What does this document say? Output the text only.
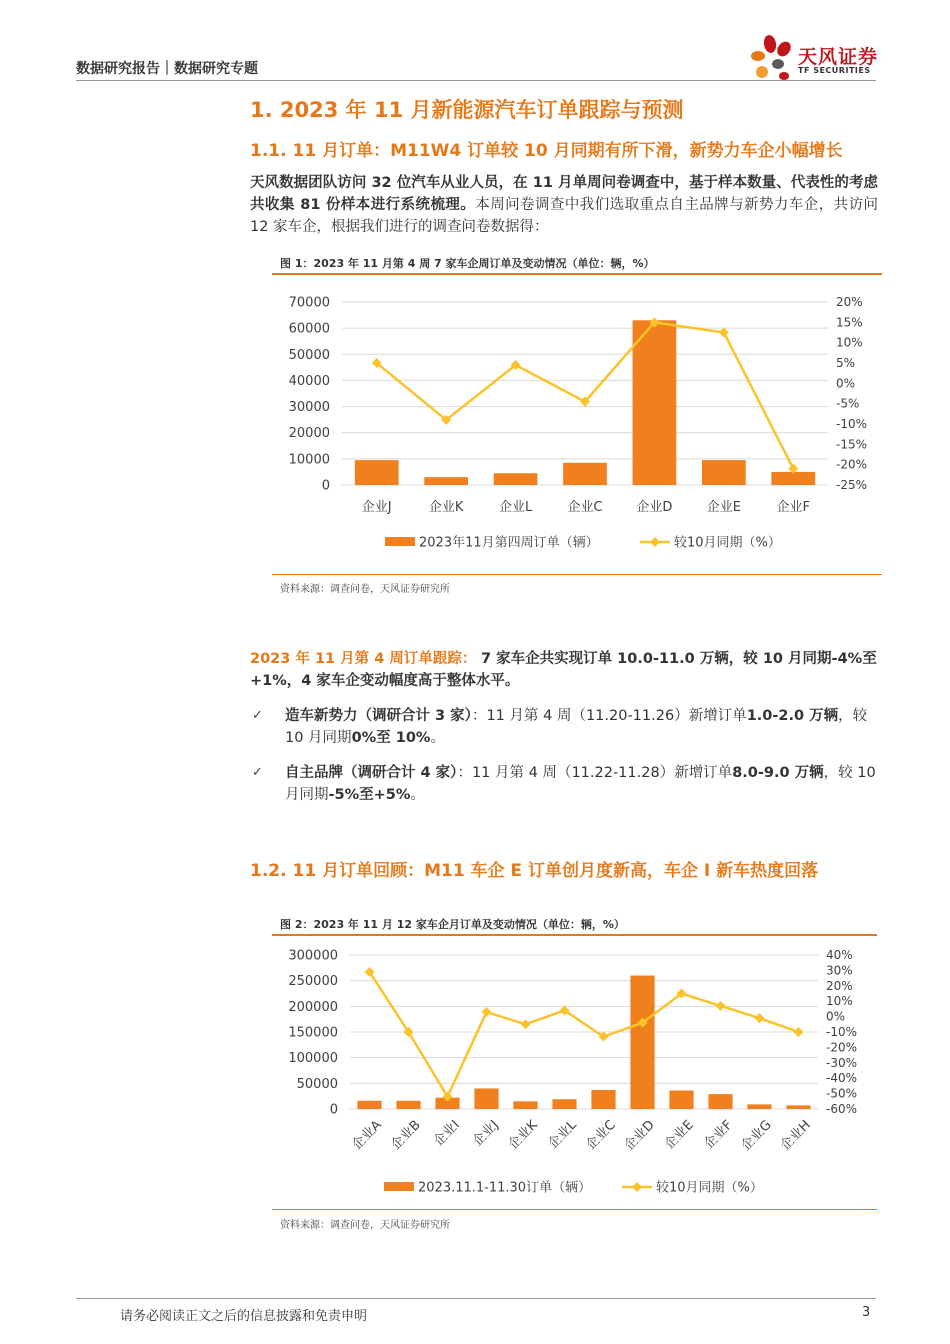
数据研究报告｜数据研究专题
天风证券
TF SECURITIES
1. 2023 年 11 月新能源汽车订单跟踪与预测
1.1. 11 月订单：M11W4 订单较 10 月同期有所下滑，新势力车企小幅增长
天风数据团队访问 32 位汽车从业人员，在 11 月单周问卷调查中，基于样本数量、代表性的考虑共收集 81 份样本进行系统梳理。本周问卷调查中我们选取重点自主品牌与新势力车企，共访问 12 家车企，根据我们进行的调查问卷数据得：
图 1：2023 年 11 月第 4 周 7 家车企周订单及变动情况（单位：辆，%）
0
10000
20000
30000
40000
50000
60000
70000
-25%
-20%
-15%
-10%
-5%
0%
5%
10%
15%
20%
企业J	企业K	企业L	企业C	企业D	企业E	企业F
2023年11月第四周订单（辆）	较10月同期（%）
资料来源：调查问卷，天风证券研究所
2023 年 11 月第 4 周订单跟踪： 7 家车企共实现订单 10.0-11.0 万辆，较 10 月同期-4%至+1%，4 家车企变动幅度高于整体水平。
✓ 造车新势力（调研合计 3 家）：11 月第 4 周（11.20-11.26）新增订单1.0-2.0 万辆，较 10 月同期0%至 10%。
✓ 自主品牌（调研合计 4 家）：11 月第 4 周（11.22-11.28）新增订单8.0-9.0 万辆，较 10 月同期-5%至+5%。
1.2. 11 月订单回顾：M11 车企 E 订单创月度新高，车企 I 新车热度回落
图 2：2023 年 11 月 12 家车企月订单及变动情况（单位：辆，%）
0
50000
100000
150000
200000
250000
300000
-60%
-50%
-40%
-30%
-20%
-10%
0%
10%
20%
30%
40%
企业A 企业B 企业I 企业J 企业K 企业L 企业C 企业D 企业E 企业F 企业G 企业H
2023.11.1-11.30订单（辆）	较10月同期（%）
资料来源：调查问卷，天风证券研究所
请务必阅读正文之后的信息披露和免责申明	3
